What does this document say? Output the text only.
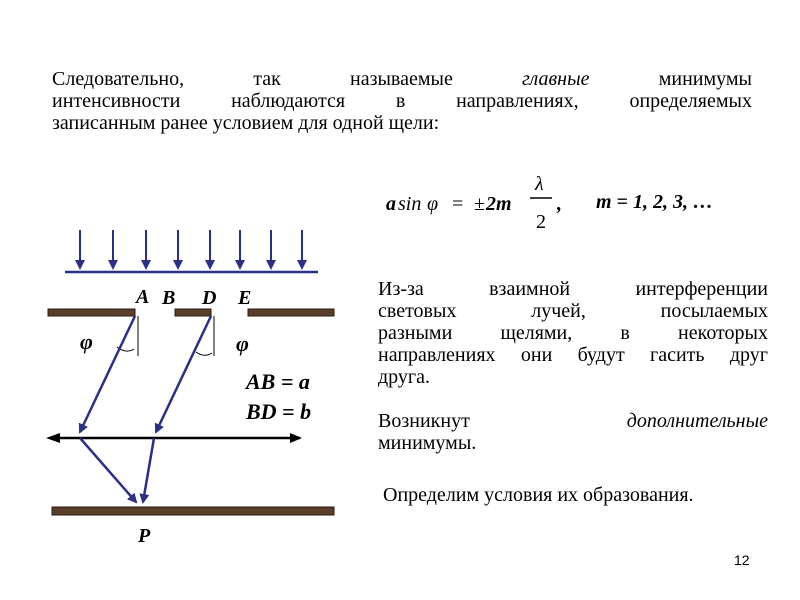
Следовательно,	так	называемые	главные	минимумы
интенсивности	наблюдаются	в	направлениях,	определяемых
записанным ранее условием для одной щели:
a sin φ = ± 2m
λ
2
, m = 1, 2, 3, …
A B D E
φ	φ
P
AB = a
BD = b
Из-за	взаимной	интерференции
световых	лучей,	посылаемых
разными щелями, в некоторых
направлениях они будут гасить друг
друга.
Возникнут	дополнительные
минимумы.
Определим условия их образования.
12
